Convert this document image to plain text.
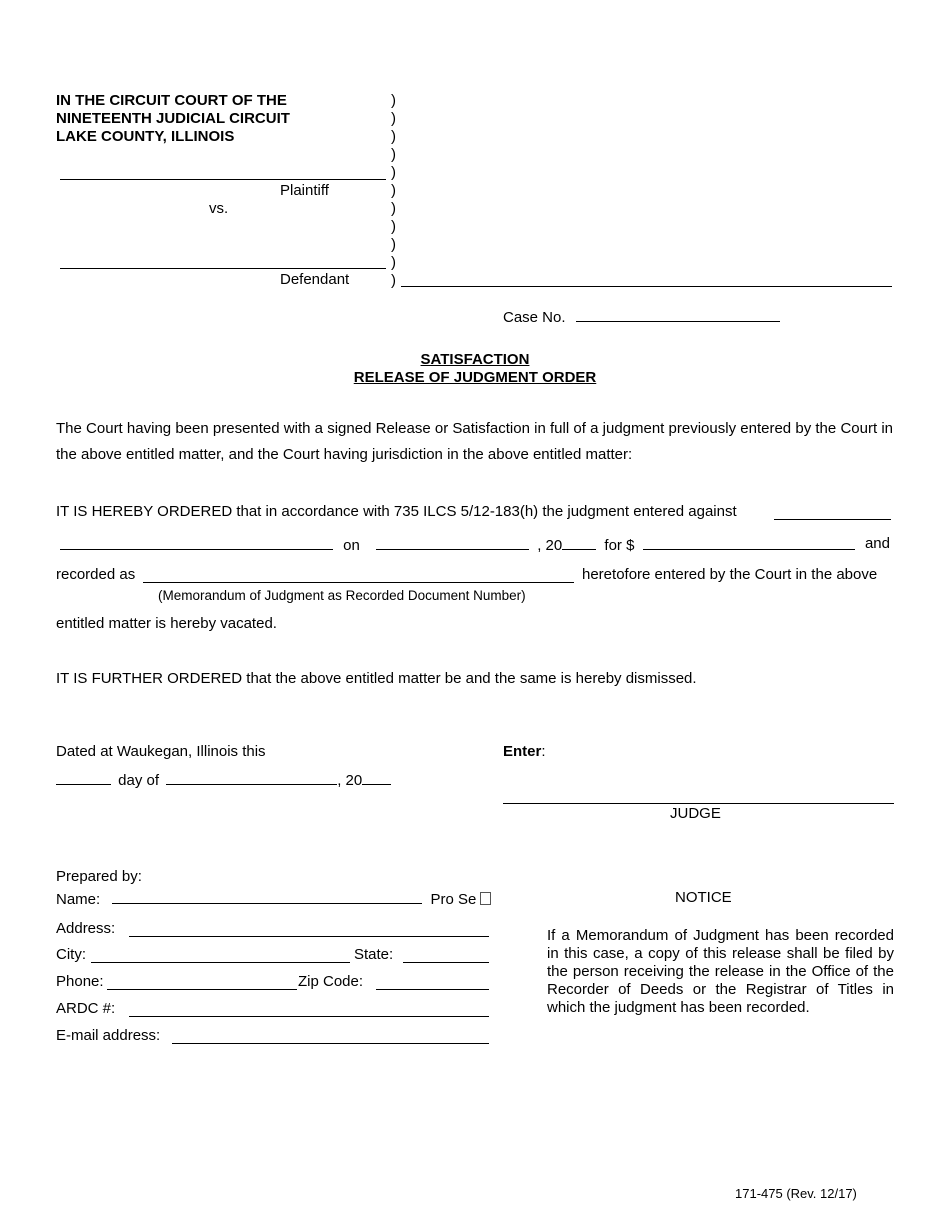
IN THE CIRCUIT COURT OF THE
NINETEENTH JUDICIAL CIRCUIT
LAKE COUNTY, ILLINOIS
)
)
)
)
)
)
)
)
)
)
)
Plaintiff
vs.
Defendant
Case No.
SATISFACTION
RELEASE OF JUDGMENT ORDER
The Court having been presented with a signed Release or Satisfaction in full of a judgment previously entered by the Court in the above entitled matter, and the Court having jurisdiction in the above entitled matter:
IT IS HEREBY ORDERED that in accordance with 735 ILCS 5/12-183(h) the judgment entered against
on	, 20	for $	and
recorded as	heretofore entered by the Court in the above
(Memorandum of Judgment as Recorded Document Number)
entitled matter is hereby vacated.
IT IS FURTHER ORDERED that the above entitled matter be and the same is hereby dismissed.
Dated at Waukegan, Illinois this
day of	, 20
Enter:
JUDGE
Prepared by:
Name:	Pro Se
Address:
City:	State:
Phone:	Zip Code:
ARDC #:
E-mail address:
NOTICE
If a Memorandum of Judgment has been recorded in this case, a copy of this release shall be filed by the person receiving the release in the Office of the Recorder of Deeds or the Registrar of Titles in which the judgment has been recorded.
171-475 (Rev. 12/17)
